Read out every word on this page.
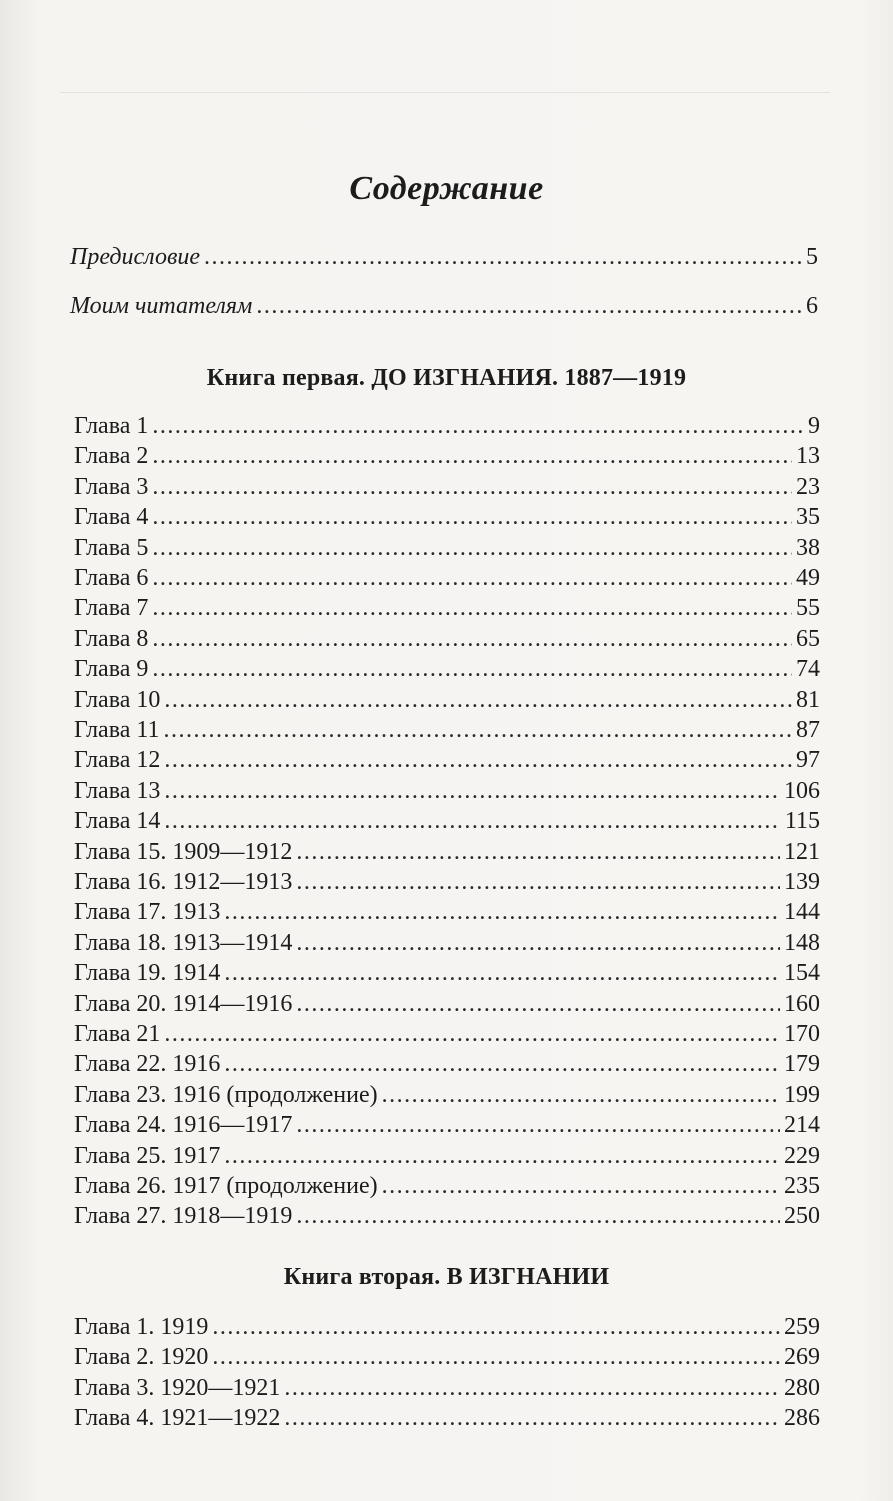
Содержание
Предисловие .....	5
Моим читателям .....	6
Книга первая. ДО ИЗГНАНИЯ. 1887—1919
Глава 1 .....	9
Глава 2 .....	13
Глава 3 .....	23
Глава 4 .....	35
Глава 5 .....	38
Глава 6 .....	49
Глава 7 .....	55
Глава 8 .....	65
Глава 9 .....	74
Глава 10 .....	81
Глава 11 .....	87
Глава 12 .....	97
Глава 13 .....	106
Глава 14 .....	115
Глава 15. 1909—1912 .....	121
Глава 16. 1912—1913 .....	139
Глава 17. 1913 .....	144
Глава 18. 1913—1914 .....	148
Глава 19. 1914 .....	154
Глава 20. 1914—1916 .....	160
Глава 21 .....	170
Глава 22. 1916 .....	179
Глава 23. 1916 (продолжение) .....	199
Глава 24. 1916—1917 .....	214
Глава 25. 1917 .....	229
Глава 26. 1917 (продолжение) .....	235
Глава 27. 1918—1919 .....	250
Книга вторая. В ИЗГНАНИИ
Глава 1. 1919 .....	259
Глава 2. 1920 .....	269
Глава 3. 1920—1921 .....	280
Глава 4. 1921—1922 .....	286
